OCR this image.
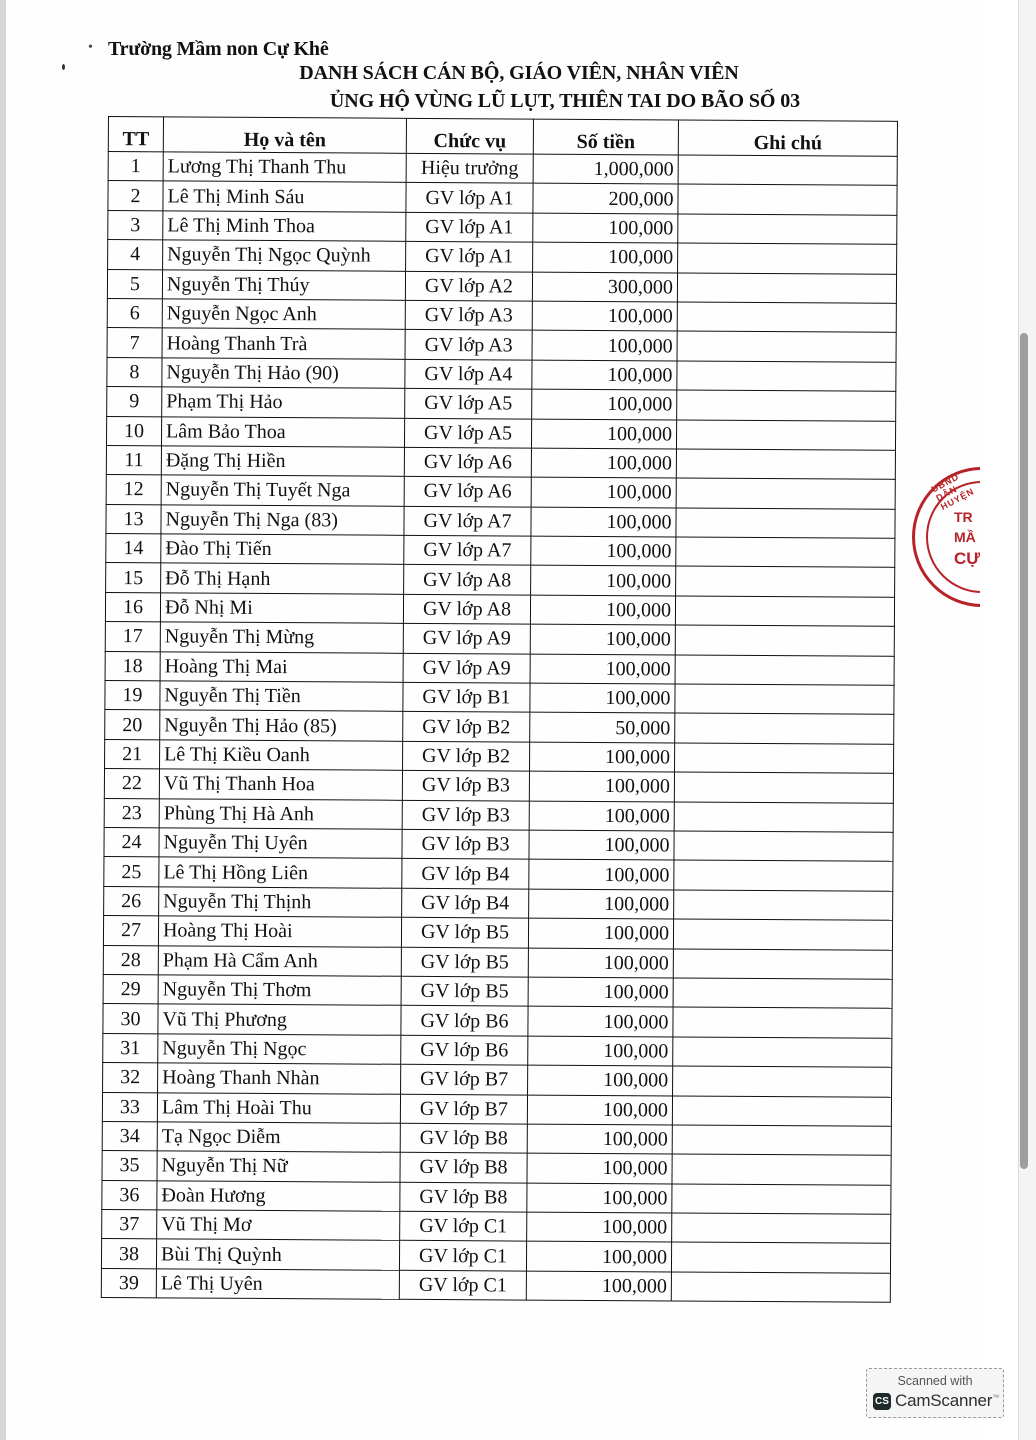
• Trường Mầm non Cự Khê
DANH SÁCH CÁN BỘ, GIÁO VIÊN, NHÂN VIÊN
ỦNG HỘ VÙNG LŨ LỤT, THIÊN TAI DO BÃO SỐ 03
TT	Họ và tên	Chức vụ	Số tiền	Ghi chú
1	Lương Thị Thanh Thu	Hiệu trưởng	1,000,000	
2	Lê Thị Minh Sáu	GV lớp A1	200,000	
3	Lê Thị Minh Thoa	GV lớp A1	100,000	
4	Nguyễn Thị Ngọc Quỳnh	GV lớp A1	100,000	
5	Nguyễn Thị Thúy	GV lớp A2	300,000	
6	Nguyễn Ngọc Anh	GV lớp A3	100,000	
7	Hoàng Thanh Trà	GV lớp A3	100,000	
8	Nguyễn Thị Hảo (90)	GV lớp A4	100,000	
9	Phạm Thị Hảo	GV lớp A5	100,000	
10	Lâm Bảo Thoa	GV lớp A5	100,000	
11	Đặng Thị Hiền	GV lớp A6	100,000	
12	Nguyễn Thị Tuyết Nga	GV lớp A6	100,000	
13	Nguyễn Thị Nga (83)	GV lớp A7	100,000	
14	Đào Thị Tiến	GV lớp A7	100,000	
15	Đỗ Thị Hạnh	GV lớp A8	100,000	
16	Đỗ Nhị Mi	GV lớp A8	100,000	
17	Nguyễn Thị Mừng	GV lớp A9	100,000	
18	Hoàng Thị Mai	GV lớp A9	100,000	
19	Nguyễn Thị Tiền	GV lớp B1	100,000	
20	Nguyễn Thị Hảo (85)	GV lớp B2	50,000	
21	Lê Thị Kiều Oanh	GV lớp B2	100,000	
22	Vũ Thị Thanh Hoa	GV lớp B3	100,000	
23	Phùng Thị Hà Anh	GV lớp B3	100,000	
24	Nguyễn Thị Uyên	GV lớp B3	100,000	
25	Lê Thị Hồng Liên	GV lớp B4	100,000	
26	Nguyễn Thị Thịnh	GV lớp B4	100,000	
27	Hoàng Thị Hoài	GV lớp B5	100,000	
28	Phạm Hà Cẩm Anh	GV lớp B5	100,000	
29	Nguyễn Thị Thơm	GV lớp B5	100,000	
30	Vũ Thị Phương	GV lớp B6	100,000	
31	Nguyễn Thị Ngọc	GV lớp B6	100,000	
32	Hoàng Thanh Nhàn	GV lớp B7	100,000	
33	Lâm Thị Hoài Thu	GV lớp B7	100,000	
34	Tạ Ngọc Diễm	GV lớp B8	100,000	
35	Nguyễn Thị Nữ	GV lớp B8	100,000	
36	Đoàn Hương	GV lớp B8	100,000	
37	Vũ Thị Mơ	GV lớp C1	100,000	
38	Bùi Thị Quỳnh	GV lớp C1	100,000	
39	Lê Thị Uyên	GV lớp C1	100,000	
UBND DÂN HUYỆN
TR
MẦ
CỰ
Scanned with
CS CamScanner™
